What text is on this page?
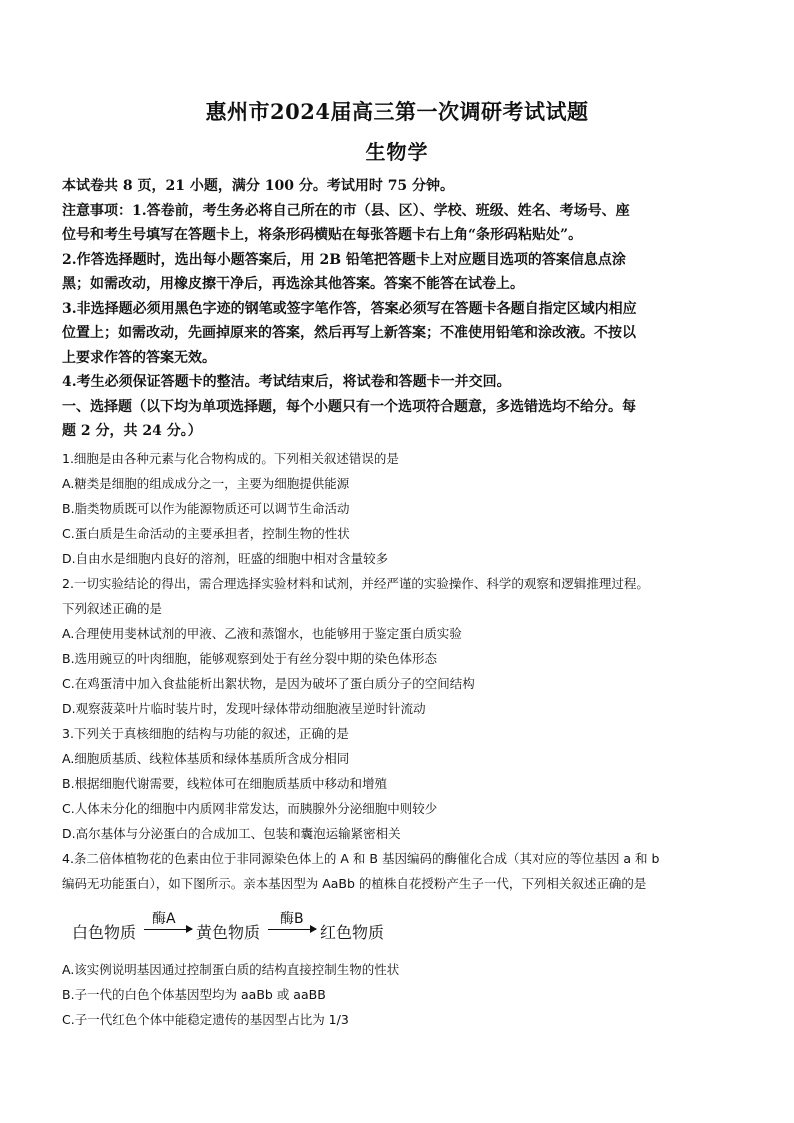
惠州市2024届高三第一次调研考试试题
生物学
本试卷共 8 页，21 小题，满分 100 分。考试用时 75 分钟。
注意事项：1.答卷前，考生务必将自己所在的市（县、区）、学校、班级、姓名、考场号、座
位号和考生号填写在答题卡上，将条形码横贴在每张答题卡右上角“条形码粘贴处”。
2.作答选择题时，选出每小题答案后，用 2B 铅笔把答题卡上对应题目选项的答案信息点涂
黑；如需改动，用橡皮擦干净后，再选涂其他答案。答案不能答在试卷上。
3.非选择题必须用黑色字迹的钢笔或签字笔作答，答案必须写在答题卡各题自指定区域内相应
位置上；如需改动，先画掉原来的答案，然后再写上新答案；不准使用铅笔和涂改液。不按以
上要求作答的答案无效。
4.考生必须保证答题卡的整洁。考试结束后，将试卷和答题卡一并交回。
一、选择题（以下均为单项选择题，每个小题只有一个选项符合题意，多选错选均不给分。每
题 2 分，共 24 分。）
1.细胞是由各种元素与化合物构成的。下列相关叙述错误的是
A.糖类是细胞的组成成分之一，主要为细胞提供能源
B.脂类物质既可以作为能源物质还可以调节生命活动
C.蛋白质是生命活动的主要承担者，控制生物的性状
D.自由水是细胞内良好的溶剂，旺盛的细胞中相对含量较多
2.一切实验结论的得出，需合理选择实验材料和试剂，并经严谨的实验操作、科学的观察和逻辑推理过程。
下列叙述正确的是
A.合理使用斐林试剂的甲液、乙液和蒸馏水，也能够用于鉴定蛋白质实验
B.选用豌豆的叶肉细胞，能够观察到处于有丝分裂中期的染色体形态
C.在鸡蛋清中加入食盐能析出絮状物，是因为破坏了蛋白质分子的空间结构
D.观察菠菜叶片临时装片时，发现叶绿体带动细胞液呈逆时针流动
3.下列关于真核细胞的结构与功能的叙述，正确的是
A.细胞质基质、线粒体基质和绿体基质所含成分相同
B.根据细胞代谢需要，线粒体可在细胞质基质中移动和增殖
C.人体未分化的细胞中内质网非常发达，而胰腺外分泌细胞中则较少
D.高尔基体与分泌蛋白的合成加工、包装和囊泡运输紧密相关
4.条二倍体植物花的色素由位于非同源染色体上的 A 和 B 基因编码的酶催化合成（其对应的等位基因 a 和 b
编码无功能蛋白），如下图所示。亲本基因型为 AaBb 的植株自花授粉产生子一代，下列相关叙述正确的是
白色物质
酶A
黄色物质
酶B
红色物质
A.该实例说明基因通过控制蛋白质的结构直接控制生物的性状
B.子一代的白色个体基因型均为 aaBb 或 aaBB
C.子一代红色个体中能稳定遗传的基因型占比为 1/3
